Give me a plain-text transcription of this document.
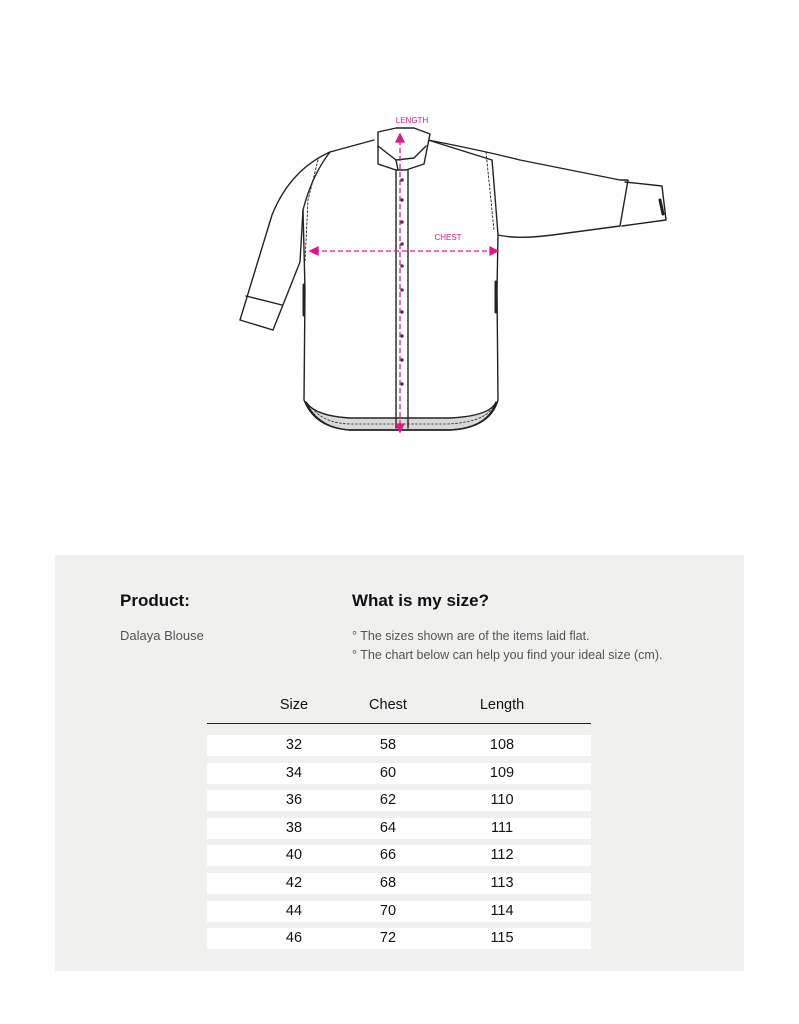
LENGTH
CHEST
Product:
Dalaya Blouse
What is my size?
° The sizes shown are of the items laid flat.
° The chart below can help you find your ideal size (cm).
Size	Chest	Length
32	58	108
34	60	109
36	62	110
38	64	111
40	66	112
42	68	113
44	70	114
46	72	115
